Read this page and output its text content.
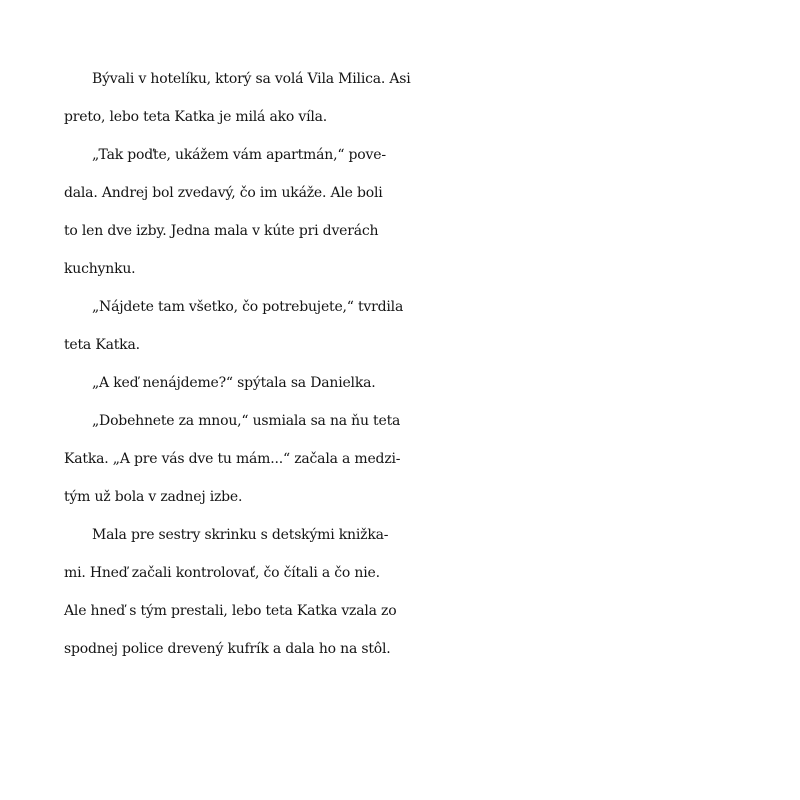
Bývali v hotelíku, ktorý sa volá Vila Milica. Asi
preto, lebo teta Katka je milá ako víla.
„Tak poďte, ukážem vám apartmán,“ pove-
dala. Andrej bol zvedavý, čo im ukáže. Ale boli
to len dve izby. Jedna mala v kúte pri dverách
kuchynku.
„Nájdete tam všetko, čo potrebujete,“ tvrdila
teta Katka.
„A keď nenájdeme?“ spýtala sa Danielka.
„Dobehnete za mnou,“ usmiala sa na ňu teta
Katka. „A pre vás dve tu mám...“ začala a medzi-
tým už bola v zadnej izbe.
Mala pre sestry skrinku s detskými knižka-
mi. Hneď začali kontrolovať, čo čítali a čo nie.
Ale hneď s tým prestali, lebo teta Katka vzala zo
spodnej police drevený kufrík a dala ho na stôl.
